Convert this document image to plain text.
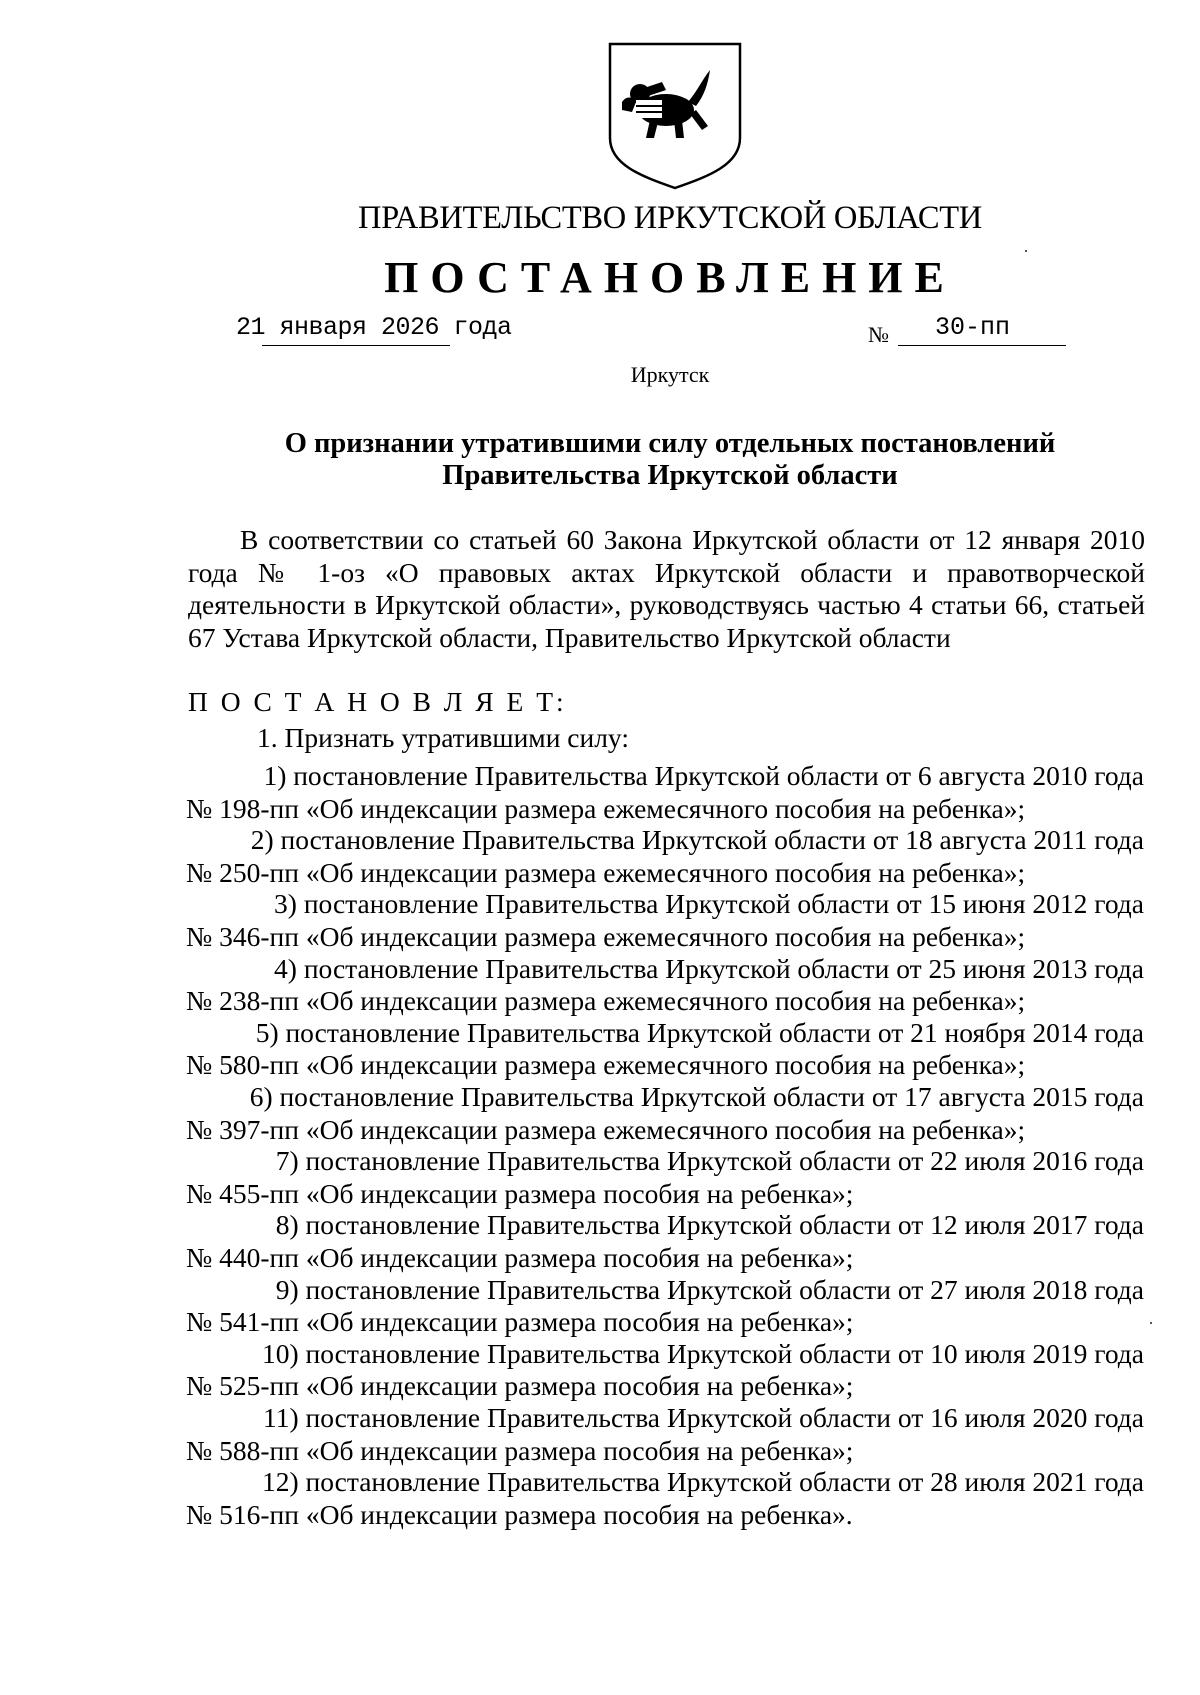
ПРАВИТЕЛЬСТВО ИРКУТСКОЙ ОБЛАСТИ
ПОСТАНОВЛЕНИЕ
21 января 2026 года	№ 30-пп
Иркутск
О признании утратившими силу отдельных постановлений
Правительства Иркутской области

В соответствии со статьей 60 Закона Иркутской области от 12 января 2010 года № 1-оз «О правовых актах Иркутской области и правотворческой деятельности в Иркутской области», руководствуясь частью 4 статьи 66, статьей 67 Устава Иркутской области, Правительство Иркутской области

П О С Т А Н О В Л Я Е Т:
1. Признать утратившими силу:
1) постановление Правительства Иркутской области от 6 августа 2010 года
№ 198-пп «Об индексации размера ежемесячного пособия на ребенка»;
2) постановление Правительства Иркутской области от 18 августа 2011 года
№ 250-пп «Об индексации размера ежемесячного пособия на ребенка»;
3) постановление Правительства Иркутской области от 15 июня 2012 года
№ 346-пп «Об индексации размера ежемесячного пособия на ребенка»;
4) постановление Правительства Иркутской области от 25 июня 2013 года
№ 238-пп «Об индексации размера ежемесячного пособия на ребенка»;
5) постановление Правительства Иркутской области от 21 ноября 2014 года
№ 580-пп «Об индексации размера ежемесячного пособия на ребенка»;
6) постановление Правительства Иркутской области от 17 августа 2015 года
№ 397-пп «Об индексации размера ежемесячного пособия на ребенка»;
7) постановление Правительства Иркутской области от 22 июля 2016 года
№ 455-пп «Об индексации размера пособия на ребенка»;
8) постановление Правительства Иркутской области от 12 июля 2017 года
№ 440-пп «Об индексации размера пособия на ребенка»;
9) постановление Правительства Иркутской области от 27 июля 2018 года
№ 541-пп «Об индексации размера пособия на ребенка»;
10) постановление Правительства Иркутской области от 10 июля 2019 года
№ 525-пп «Об индексации размера пособия на ребенка»;
11) постановление Правительства Иркутской области от 16 июля 2020 года
№ 588-пп «Об индексации размера пособия на ребенка»;
12) постановление Правительства Иркутской области от 28 июля 2021 года
№ 516-пп «Об индексации размера пособия на ребенка».
